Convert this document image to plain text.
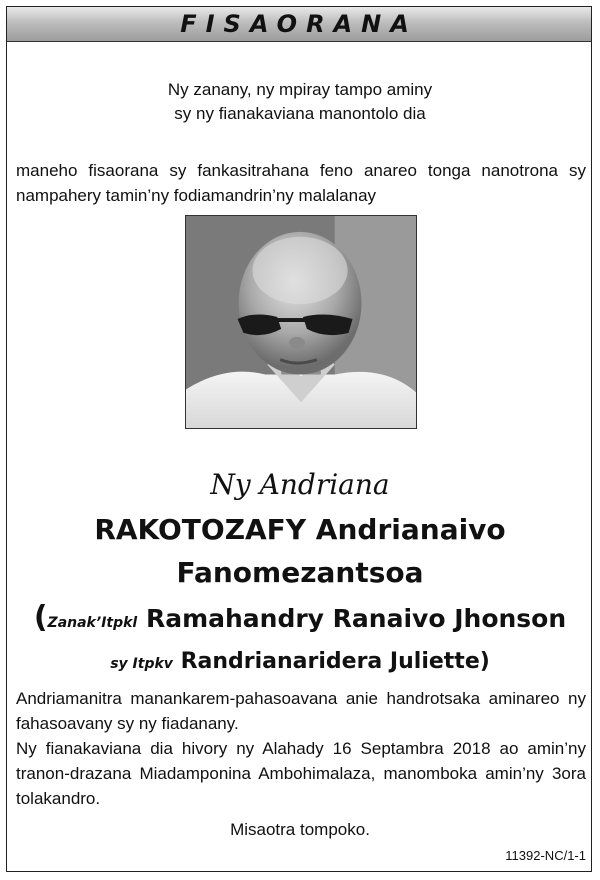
FISAORANA
Ny zanany, ny mpiray tampo aminy
sy ny fianakaviana manontolo dia
maneho fisaorana sy fankasitrahana feno anareo tonga nanotrona sy nampahery tamin’ny fodiamandrin’ny malalanay
Ny Andriana
RAKOTOZAFY Andrianaivo
Fanomezantsoa
(Zanak’Itpkl Ramahandry Ranaivo Jhonson
sy Itpkv Randrianaridera Juliette)

Andriamanitra manankarem-pahasoavana anie handrotsaka aminareo ny fahasoavany sy ny fiadanany.

Ny fianakaviana dia hivory ny Alahady 16 Septambra 2018 ao amin’ny tranon-drazana Miadamponina Ambohimalaza, manomboka amin’ny 3ora tolakandro.

Misaotra tompoko.
11392-NC/1-1
